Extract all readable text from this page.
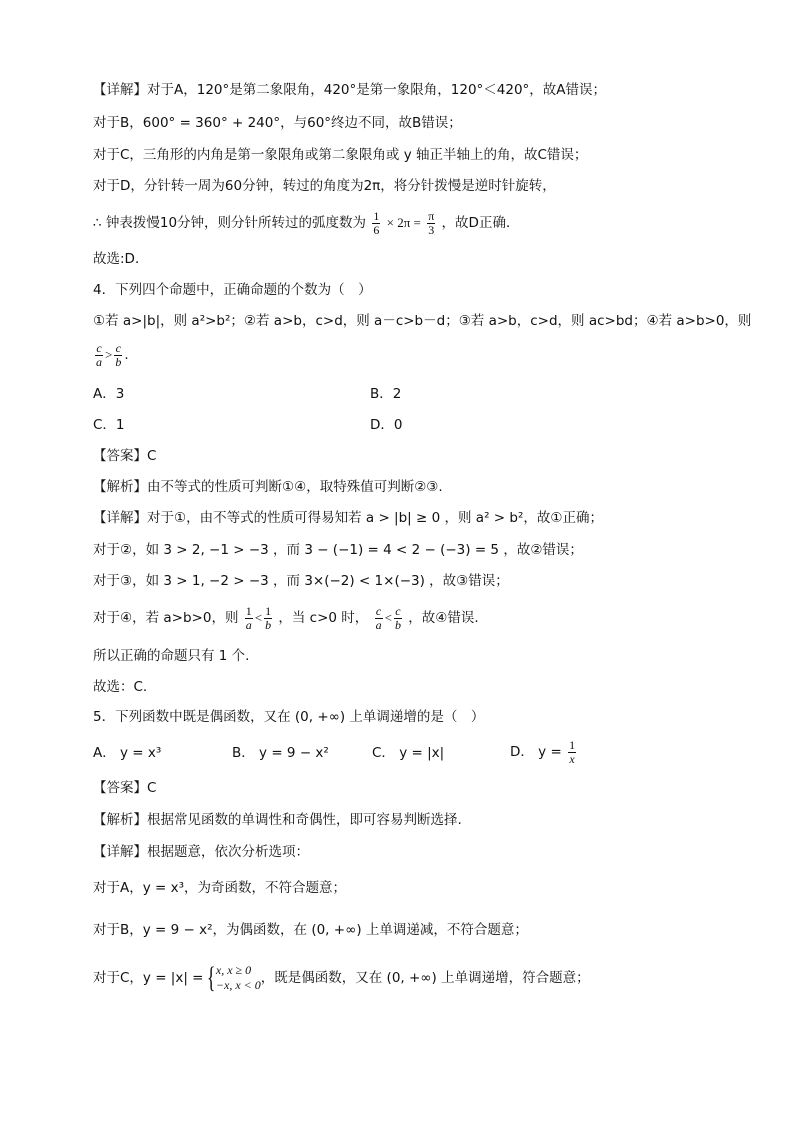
【详解】对于A，120°是第二象限角，420°是第一象限角，120°＜420°，故A错误；
对于B，600° = 360° + 240°，与60°终边不同，故B错误；
对于C，三角形的内角是第一象限角或第二象限角或 y 轴正半轴上的角，故C错误；
对于D，分针转一周为60分钟，转过的角度为2π，将分针拨慢是逆时针旋转，
∴ 钟表拨慢10分钟，则分针所转过的弧度数为 $\frac{1}{6} \times 2\pi = \frac{\pi}{3}$ ，故D正确．
故选:D．
4．下列四个命题中，正确命题的个数为（　）
①若 a>|b|，则 a²>b²；②若 a>b，c>d，则 a－c>b－d；③若 a>b，c>d，则 ac>bd；④若 a>b>0，则
$\frac{c}{a} > \frac{c}{b}$ .
A．3	B．2
C．1	D．0
【答案】C
【解析】由不等式的性质可判断①④，取特殊值可判断②③.
【详解】对于①，由不等式的性质可得易知若 a > |b| ≥ 0 ，则 a² > b²，故①正确；
对于②，如 3 > 2, −1 > −3 ，而 3 − (−1) = 4 < 2 − (−3) = 5 ，故②错误；
对于③，如 3 > 1, −2 > −3 ，而 3×(−2) < 1×(−3) ，故③错误；
对于④，若 a>b>0，则 $\frac{1}{a} < \frac{1}{b}$ ，当 c>0 时， $\frac{c}{a} < \frac{c}{b}$ ，故④错误.
所以正确的命题只有 1 个.
故选：C.
5．下列函数中既是偶函数，又在 (0, +∞) 上单调递增的是（　）
A． y = x³	B． y = 9 − x²	C． y = |x|	D． $y = \frac{1}{x}$
【答案】C
【解析】根据常见函数的单调性和奇偶性，即可容易判断选择.
【详解】根据题意，依次分析选项：
对于A，y = x³，为奇函数，不符合题意；
对于B，y = 9 − x²，为偶函数，在 (0, +∞) 上单调递减，不符合题意；
对于C，y = |x| ={ x, x ≥ 0
−x, x < 0 ，既是偶函数，又在 (0, +∞) 上单调递增，符合题意；
